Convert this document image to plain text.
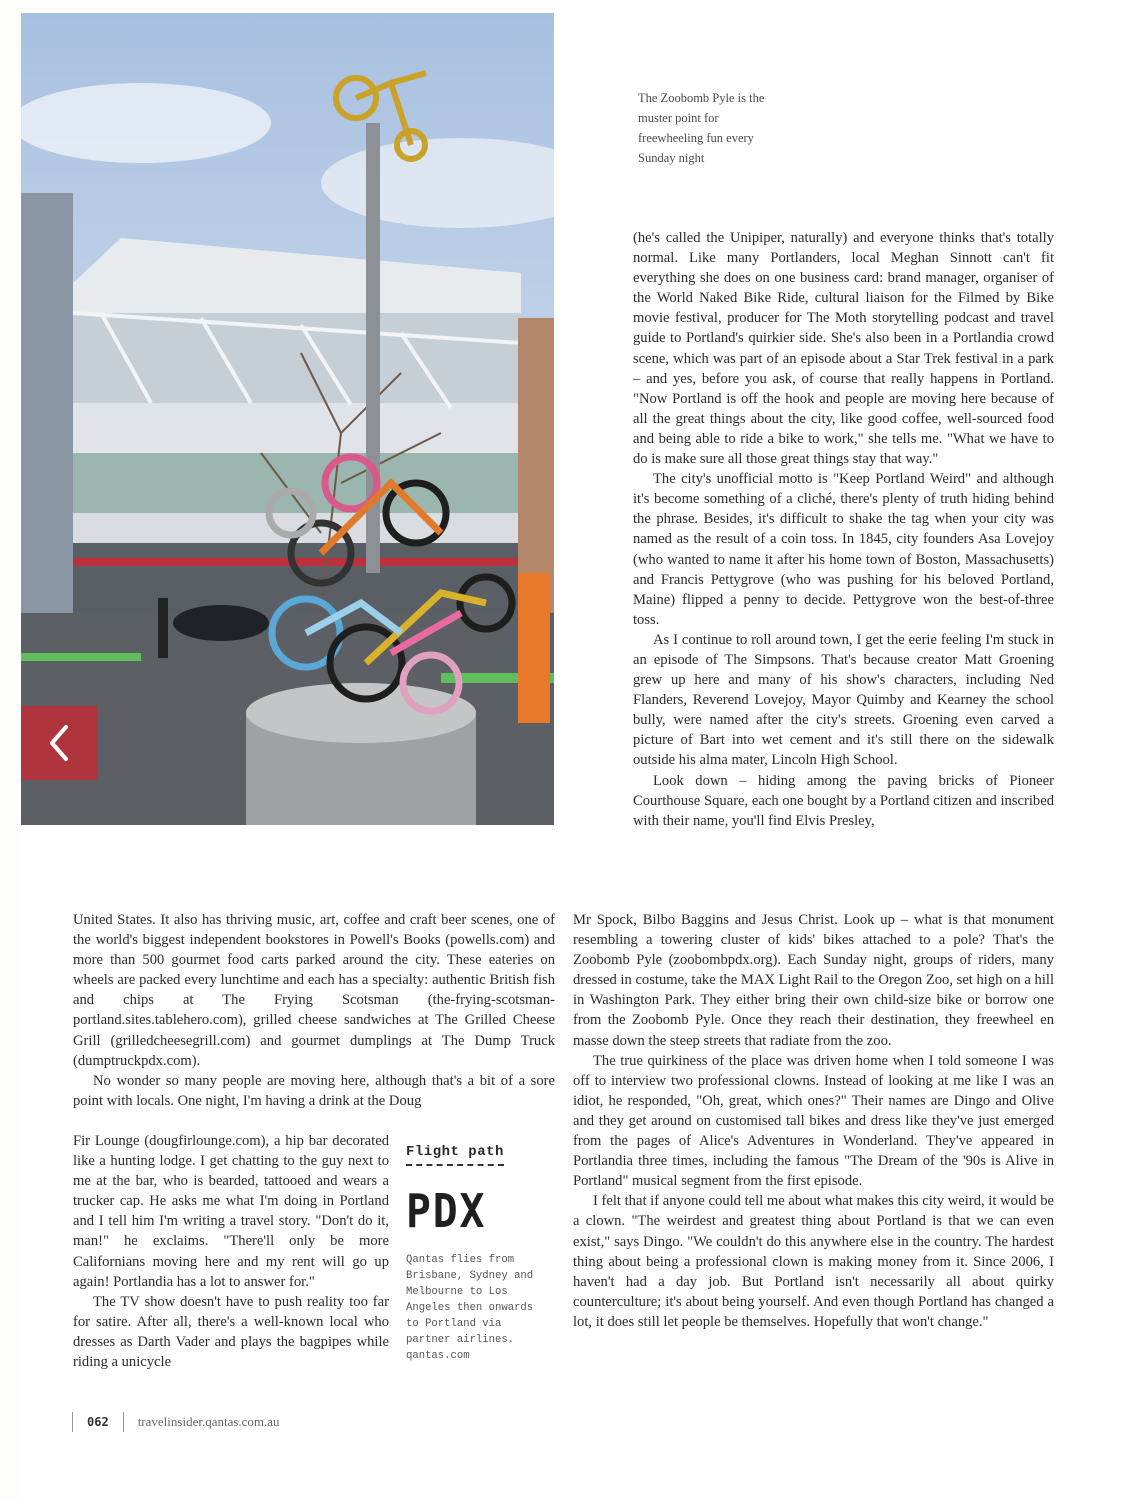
The Zoobomb Pyle is the muster point for freewheeling fun every Sunday night

(he's called the Unipiper, naturally) and everyone thinks that's totally normal. Like many Portlanders, local Meghan Sinnott can't fit everything she does on one business card: brand manager, organiser of the World Naked Bike Ride, cultural liaison for the Filmed by Bike movie festival, producer for The Moth storytelling podcast and travel guide to Portland's quirkier side. She's also been in a Portlandia crowd scene, which was part of an episode about a Star Trek festival in a park – and yes, before you ask, of course that really happens in Portland. "Now Portland is off the hook and people are moving here because of all the great things about the city, like good coffee, well-sourced food and being able to ride a bike to work," she tells me. "What we have to do is make sure all those great things stay that way."

The city's unofficial motto is "Keep Portland Weird" and although it's become something of a cliché, there's plenty of truth hiding behind the phrase. Besides, it's difficult to shake the tag when your city was named as the result of a coin toss. In 1845, city founders Asa Lovejoy (who wanted to name it after his home town of Boston, Massachusetts) and Francis Pettygrove (who was pushing for his beloved Portland, Maine) flipped a penny to decide. Pettygrove won the best-of-three toss.

As I continue to roll around town, I get the eerie feeling I'm stuck in an episode of The Simpsons. That's because creator Matt Groening grew up here and many of his show's characters, including Ned Flanders, Reverend Lovejoy, Mayor Quimby and Kearney the school bully, were named after the city's streets. Groening even carved a picture of Bart into wet cement and it's still there on the sidewalk outside his alma mater, Lincoln High School.

Look down – hiding among the paving bricks of Pioneer Courthouse Square, each one bought by a Portland citizen and inscribed with their name, you'll find Elvis Presley,

Mr Spock, Bilbo Baggins and Jesus Christ. Look up – what is that monument resembling a towering cluster of kids' bikes attached to a pole? That's the Zoobomb Pyle (zoobombpdx.org). Each Sunday night, groups of riders, many dressed in costume, take the MAX Light Rail to the Oregon Zoo, set high on a hill in Washington Park. They either bring their own child-size bike or borrow one from the Zoobomb Pyle. Once they reach their destination, they freewheel en masse down the steep streets that radiate from the zoo.

The true quirkiness of the place was driven home when I told someone I was off to interview two professional clowns. Instead of looking at me like I was an idiot, he responded, "Oh, great, which ones?" Their names are Dingo and Olive and they get around on customised tall bikes and dress like they've just emerged from the pages of Alice's Adventures in Wonderland. They've appeared in Portlandia three times, including the famous "The Dream of the '90s is Alive in Portland" musical segment from the first episode.

I felt that if anyone could tell me about what makes this city weird, it would be a clown. "The weirdest and greatest thing about Portland is that we can even exist," says Dingo. "We couldn't do this anywhere else in the country. The hardest thing about being a professional clown is making money from it. Since 2006, I haven't had a day job. But Portland isn't necessarily all about quirky counterculture; it's about being yourself. And even though Portland has changed a lot, it does still let people be themselves. Hopefully that won't change."

United States. It also has thriving music, art, coffee and craft beer scenes, one of the world's biggest independent bookstores in Powell's Books (powells.com) and more than 500 gourmet food carts parked around the city. These eateries on wheels are packed every lunchtime and each has a specialty: authentic British fish and chips at The Frying Scotsman (the-frying-scotsman-portland.sites.tablehero.com), grilled cheese sandwiches at The Grilled Cheese Grill (grilledcheesegrill.com) and gourmet dumplings at The Dump Truck (dumptruckpdx.com).

No wonder so many people are moving here, although that's a bit of a sore point with locals. One night, I'm having a drink at the Doug

Fir Lounge (dougfirlounge.com), a hip bar decorated like a hunting lodge. I get chatting to the guy next to me at the bar, who is bearded, tattooed and wears a trucker cap. He asks me what I'm doing in Portland and I tell him I'm writing a travel story. "Don't do it, man!" he exclaims. "There'll only be more Californians moving here and my rent will go up again! Portlandia has a lot to answer for."

The TV show doesn't have to push reality too far for satire. After all, there's a well-known local who dresses as Darth Vader and plays the bagpipes while riding a unicycle

Flight path
PDX
Qantas flies from Brisbane, Sydney and Melbourne to Los Angeles then onwards to Portland via partner airlines. qantas.com
062 travelinsider.qantas.com.au
